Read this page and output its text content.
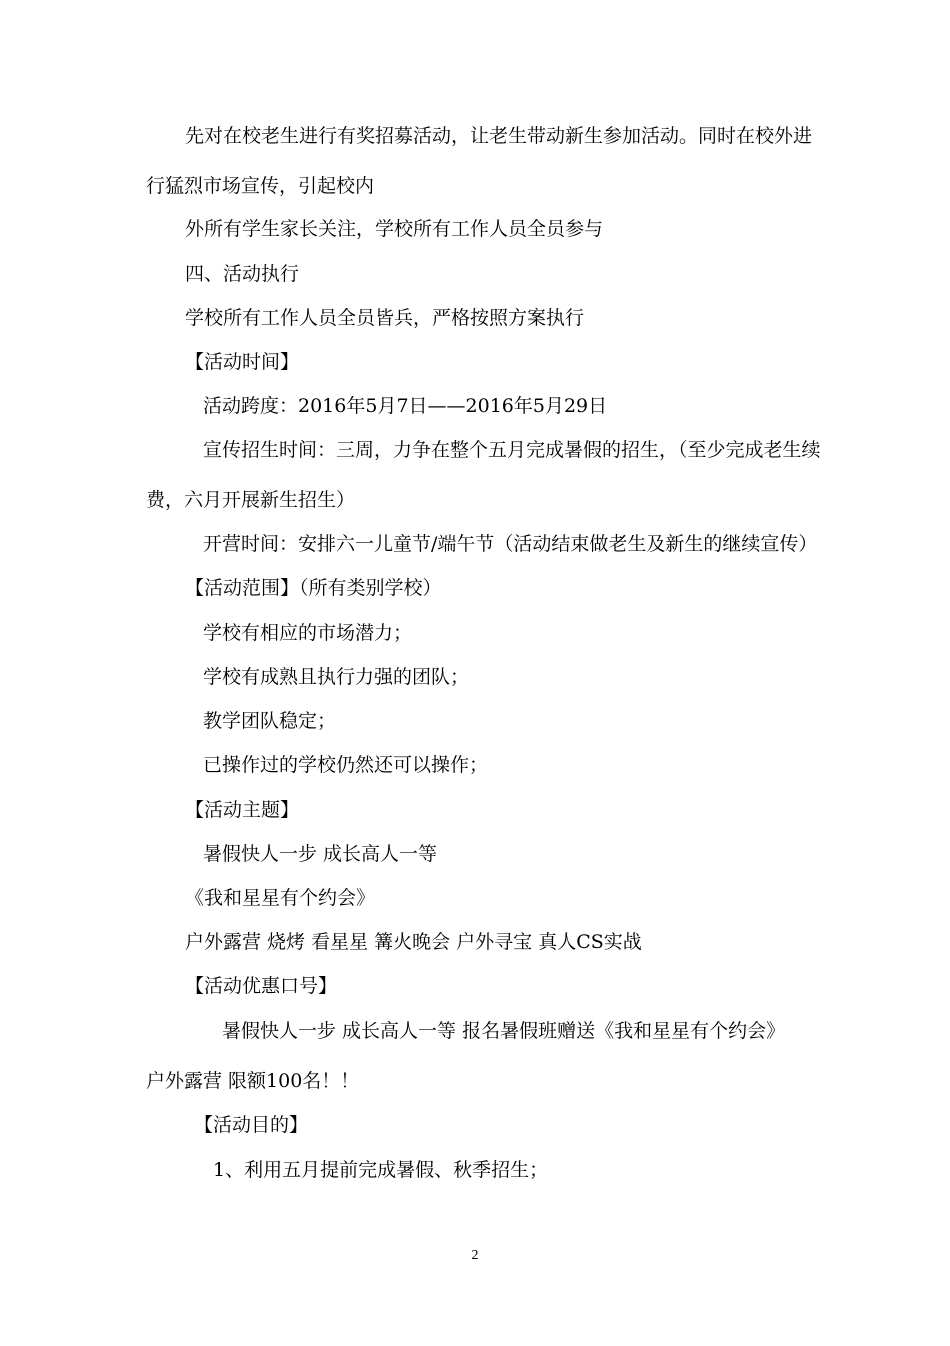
先对在校老生进行有奖招募活动，让老生带动新生参加活动。同时在校外进
行猛烈市场宣传，引起校内
外所有学生家长关注，学校所有工作人员全员参与
四、活动执行
学校所有工作人员全员皆兵，严格按照方案执行
【活动时间】
活动跨度：2016年5月7日——2016年5月29日
宣传招生时间：三周，力争在整个五月完成暑假的招生，（至少完成老生续
费，六月开展新生招生）
开营时间：安排六一儿童节/端午节（活动结束做老生及新生的继续宣传）
【活动范围】（所有类别学校）
学校有相应的市场潜力；
学校有成熟且执行力强的团队；
教学团队稳定；
已操作过的学校仍然还可以操作；
【活动主题】
暑假快人一步 成长高人一等
《我和星星有个约会》
户外露营 烧烤 看星星 篝火晚会 户外寻宝 真人CS实战
【活动优惠口号】
暑假快人一步 成长高人一等 报名暑假班赠送《我和星星有个约会》
户外露营 限额100名！！
【活动目的】
1、利用五月提前完成暑假、秋季招生；
2
